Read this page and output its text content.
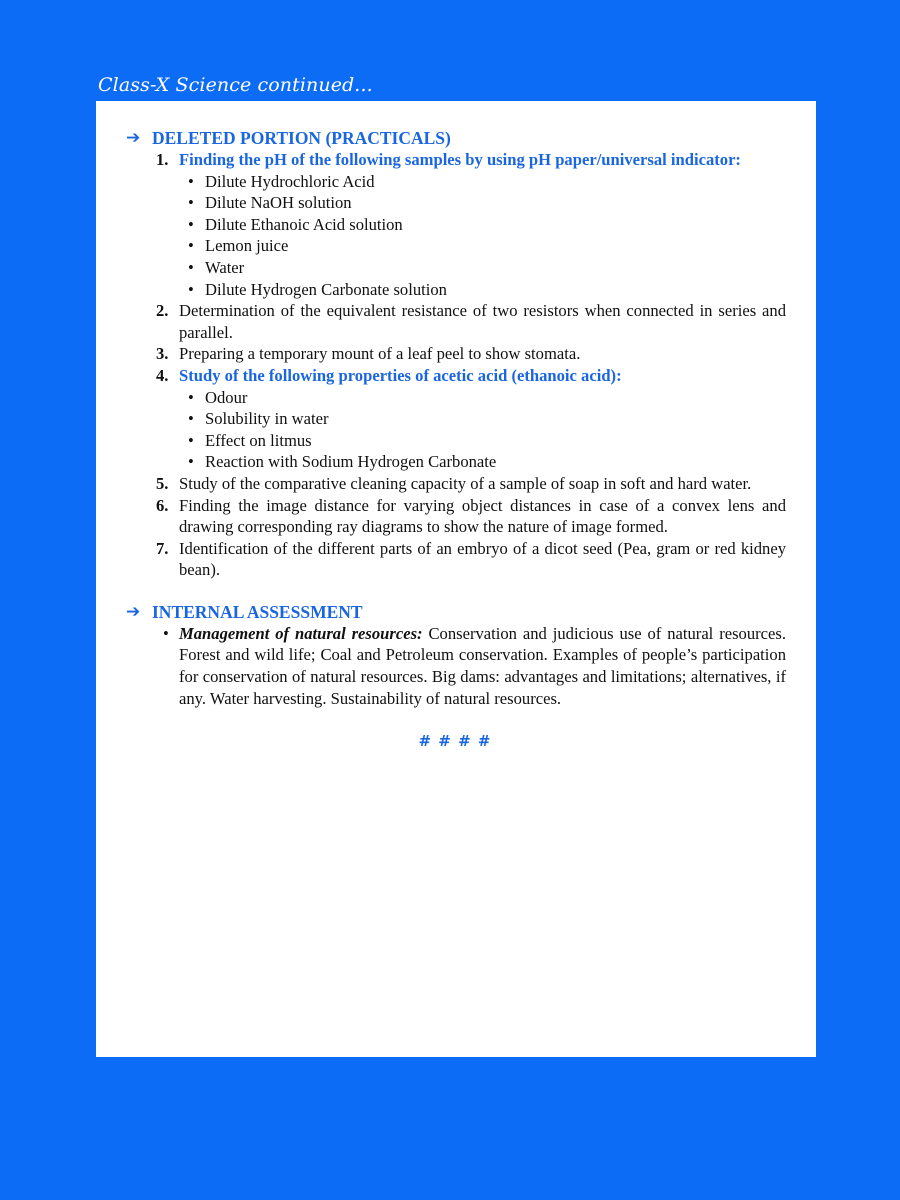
Class-X Science continued...
➔ DELETED PORTION (PRACTICALS)
1. Finding the pH of the following samples by using pH paper/universal indicator:
• Dilute Hydrochloric Acid
• Dilute NaOH solution
• Dilute Ethanoic Acid solution
• Lemon juice
• Water
• Dilute Hydrogen Carbonate solution
2. Determination of the equivalent resistance of two resistors when connected in series and parallel.
3. Preparing a temporary mount of a leaf peel to show stomata.
4. Study of the following properties of acetic acid (ethanoic acid):
• Odour
• Solubility in water
• Effect on litmus
• Reaction with Sodium Hydrogen Carbonate
5. Study of the comparative cleaning capacity of a sample of soap in soft and hard water.
6. Finding the image distance for varying object distances in case of a convex lens and drawing corresponding ray diagrams to show the nature of image formed.
7. Identification of the different parts of an embryo of a dicot seed (Pea, gram or red kidney bean).
➔ INTERNAL ASSESSMENT
• Management of natural resources: Conservation and judicious use of natural resources. Forest and wild life; Coal and Petroleum conservation. Examples of people’s participation for conservation of natural resources. Big dams: advantages and limitations; alternatives, if any. Water harvesting. Sustainability of natural resources.
# # # #
